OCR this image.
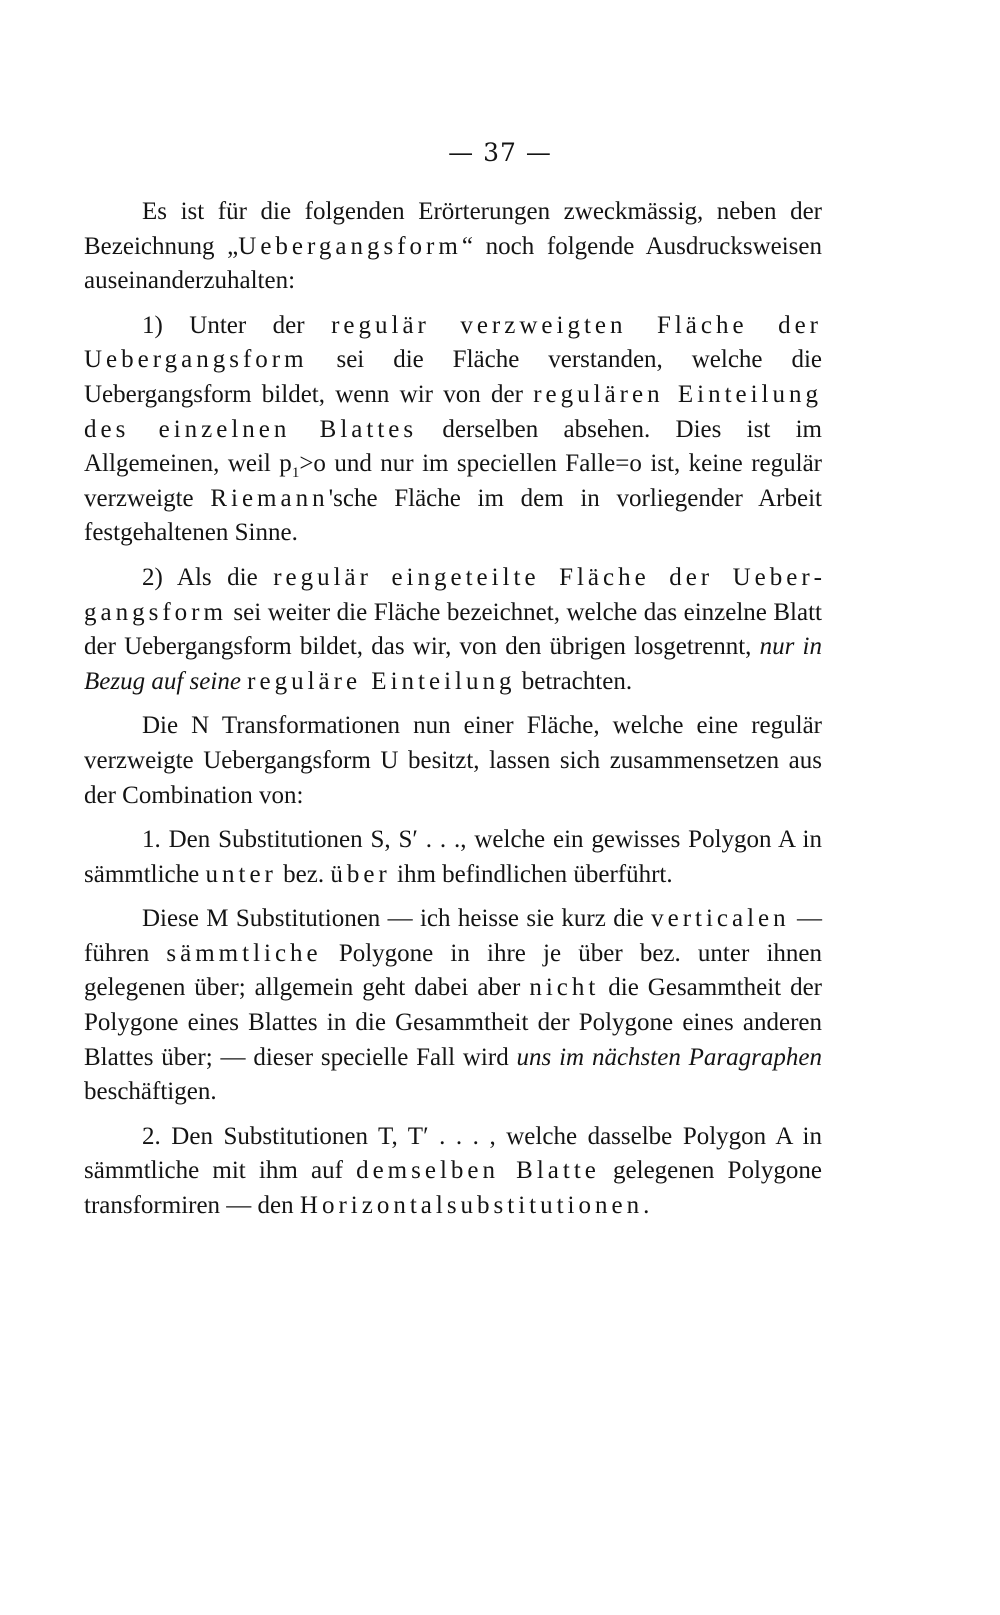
— 37 —

Es ist für die folgenden Erörterungen zweckmässig, neben der Bezeichnung „Uebergangsform“ noch folgende Ausdrucksweisen auseinanderzuhalten:

1) Unter der regulär verzweigten Fläche der Uebergangsform sei die Fläche verstanden, welche die Uebergangsform bildet, wenn wir von der regulären Einteilung des einzelnen Blattes derselben absehen. Dies ist im Allgemeinen, weil $p_1>o$ und nur im speciellen Falle=o ist, keine regulär verzweigte Riemann'sche Fläche im dem in vorliegender Arbeit festgehaltenen Sinne.

2) Als die regulär eingeteilte Fläche der Uebergangsform sei weiter die Fläche bezeichnet, welche das einzelne Blatt der Uebergangsform bildet, das wir, von den übrigen losgetrennt, nur in Bezug auf seine reguläre Einteilung betrachten.

Die N Transformationen nun einer Fläche, welche eine regulär verzweigte Uebergangsform U besitzt, lassen sich zusammensetzen aus der Combination von:

1. Den Substitutionen S, S′ . . ., welche ein gewisses Polygon A in sämmtliche unter bez. über ihm befindlichen überführt.

Diese M Substitutionen — ich heisse sie kurz die verticalen — führen sämmtliche Polygone in ihre je über bez. unter ihnen gelegenen über; allgemein geht dabei aber nicht die Gesammtheit der Polygone eines Blattes in die Gesammtheit der Polygone eines anderen Blattes über; — dieser specielle Fall wird uns im nächsten Paragraphen beschäftigen.

2. Den Substitutionen T, T′ . . . , welche dasselbe Polygon A in sämmtliche mit ihm auf demselben Blatte gelegenen Polygone transformiren — den Horizontalsubstitutionen.
